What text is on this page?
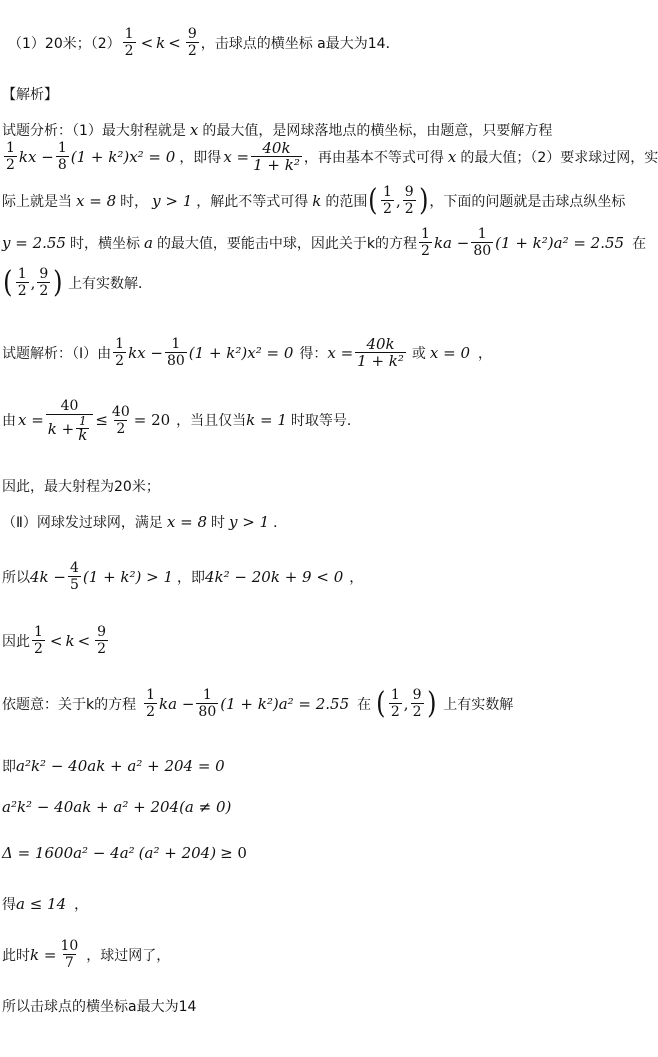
（1）20米；$(2) \frac{1}{2} < k < \frac{9}{2}$ ，击球点的横坐标 a最大为14．
【解析】
试题分析：（1）最大射程就是 x 的最大值，是网球落地点的横坐标，由题意，只要解方程
$\frac{1}{2}$ kx − $\frac{1}{8} (1 + k^2)x^2 = 0$ ，即得 $x = \frac{40k}{\text{1 + k²}}$ ，再由基本不等式可得 x 的最大值；（2）要求球过网，实
际上就是当 x = 8 时， y > 1 ，解此不等式可得 k 的范围 ( $\frac{1}{2}$ , $\frac{9}{2}$ ) ，下面的问题就是击球点纵坐标
y = 2.55 时，横坐标 a 的最大值，要能击中球，因此关于k的方程 $\frac{1}{2}$ ka − $\frac{1}{80} (1 + k^2)a^2 = 2.55$ 在
( $\frac{1}{2}$ , $\frac{9}{2}$ ) 上有实数解．
试题解析：（Ⅰ）由 $\frac{1}{2}$ kx − $\frac{1}{80} (1 + k^2)x^2 = 0$ 得： $x = \frac{40k}{\text{1 + k²}}$ 或 x = 0 ，
由 $x = \frac{40}{k + \frac{1}{k}} \le \frac{40}{2} = 20$ ，当且仅当 k = 1 时取等号．
因此，最大射程为20米；
（Ⅱ）网球发过球网，满足 x = 8 时 y > 1 ．
所以 $4k - \frac{4}{5} (1 + k^2) > 1$ ，即 4k² − 20k + 9 < 0 ，
因此 $\frac{1}{2} < k < \frac{9}{2}$
依题意：关于k的方程 $\frac{1}{2}$ ka − $\frac{1}{80} (1 + k^2)a^2 = 2.55$ 在 ( $\frac{1}{2}$ , $\frac{9}{2}$ ) 上有实数解
即 a²k² − 40ak + a² + 204 = 0
a²k² − 40ak + a² + 204(a ≠ 0)
Δ = 1600a² − 4a² (a² + 204) ≥ 0
得 a ≤ 14 ，
此时 $k = \frac{10}{7}$ ，球过网了，
所以击球点的横坐标a最大为14
